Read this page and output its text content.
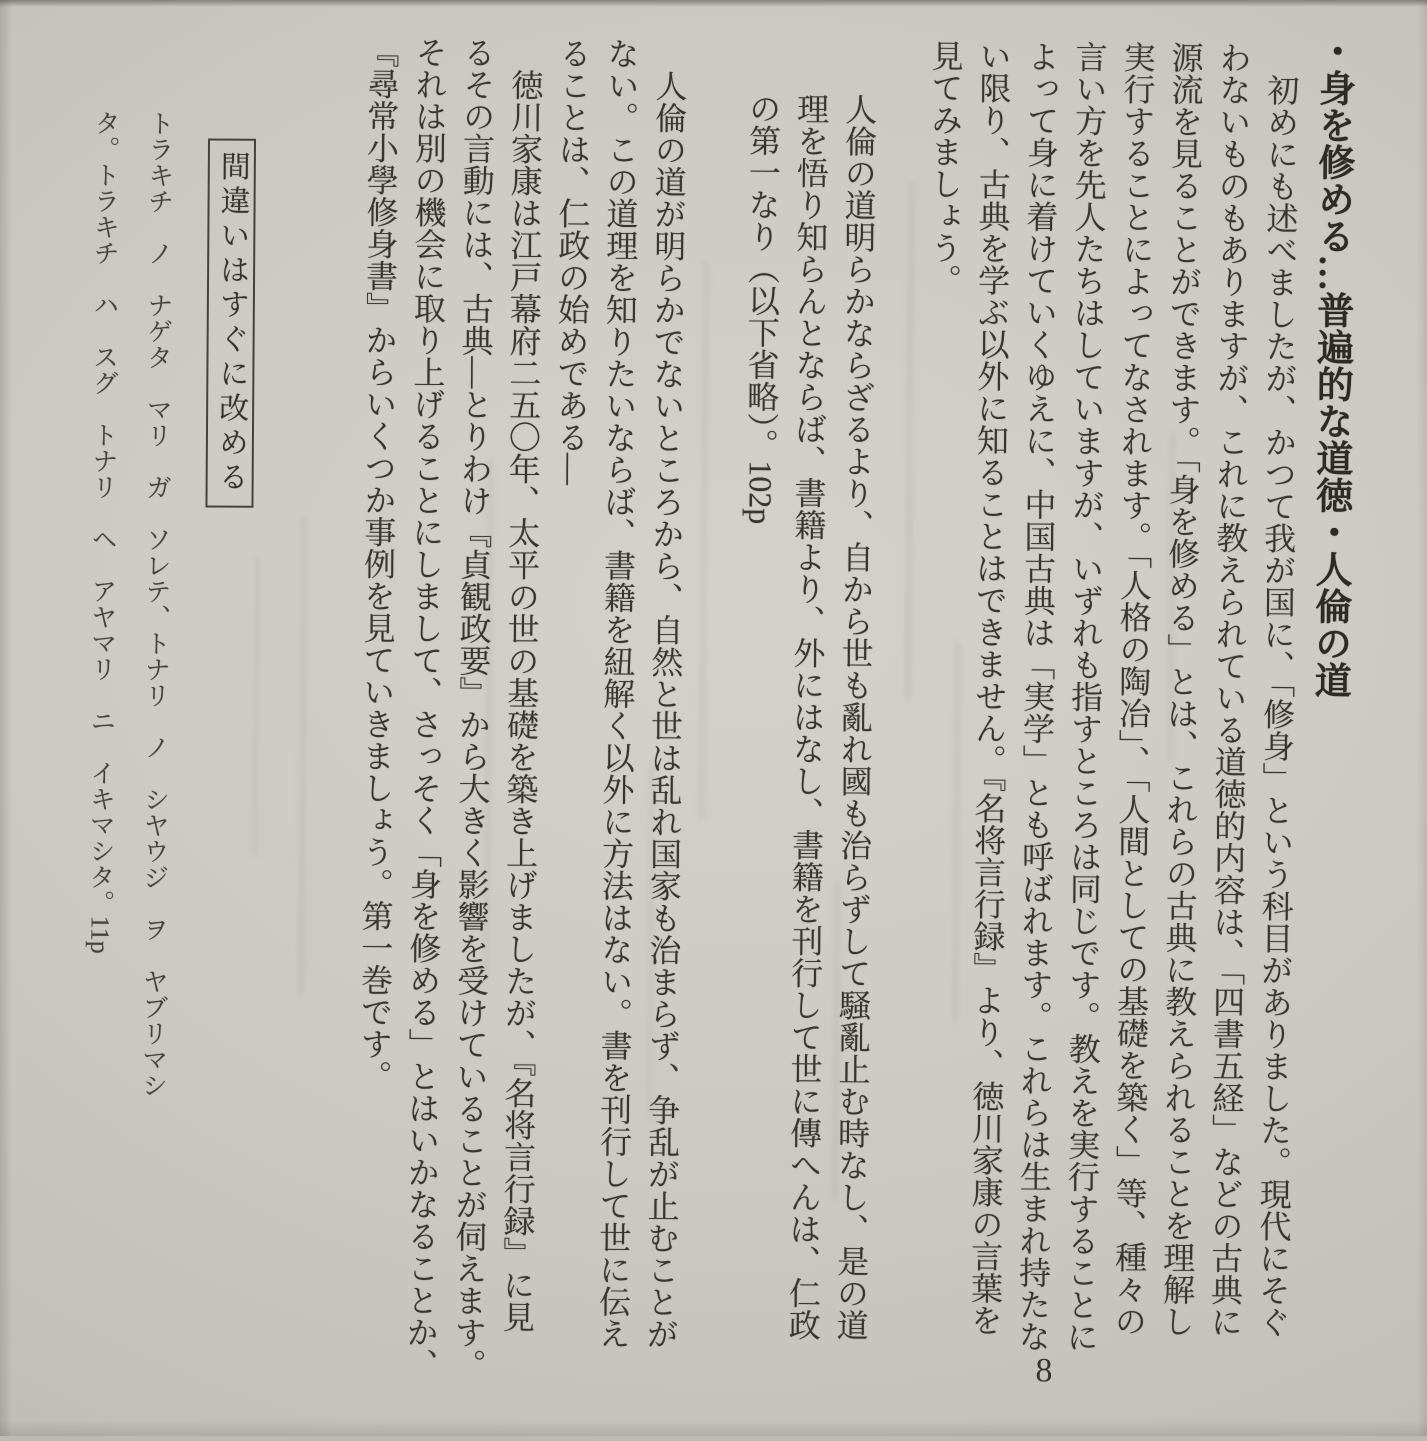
・身を修める…普遍的な道徳・人倫の道
　初めにも述べましたが、かつて我が国に、「修身」という科目がありました。現代にそぐ
わないものもありますが、これに教えられている道徳的内容は、「四書五経」などの古典に
源流を見ることができます。「身を修める」とは、これらの古典に教えられることを理解し
実行することによってなされます。「人格の陶冶」、「人間としての基礎を築く」等、種々の
言い方を先人たちはしていますが、いずれも指すところは同じです。教えを実行することに
よって身に着けていくゆえに、中国古典は「実学」とも呼ばれます。これらは生まれ持たな
い限り、古典を学ぶ以外に知ることはできません。『名将言行録』より、徳川家康の言葉を
見てみましょう。
人倫の道明らかならざるより、自から世も亂れ國も治らずして騒亂止む時なし、是の道
理を悟り知らんとならば、書籍より、外にはなし、書籍を刊行して世に傳へんは、仁政
の第一なり（以下省略）。102p
　人倫の道が明らかでないところから、自然と世は乱れ国家も治まらず、争乱が止むことが
ない。この道理を知りたいならば、書籍を紐解く以外に方法はない。書を刊行して世に伝え
ることは、仁政の始めである―
　徳川家康は江戸幕府二五〇年、太平の世の基礎を築き上げましたが、『名将言行録』に見
るその言動には、古典―とりわけ『貞観政要』から大きく影響を受けていることが伺えます。
それは別の機会に取り上げることにしまして、さっそく「身を修める」とはいかなることか、
『尋常小學修身書』からいくつか事例を見ていきましょう。第一巻です。
間違いはすぐに改める
トラキチ　ノ　ナゲタ　マリ　ガ　ソレテ、トナリ　ノ　シヤウジ　ヲ　ヤブリマシ
タ。トラキチ　ハ　スグ　トナリ　ヘ　アヤマリ　ニ　イキマシタ。11p
8
